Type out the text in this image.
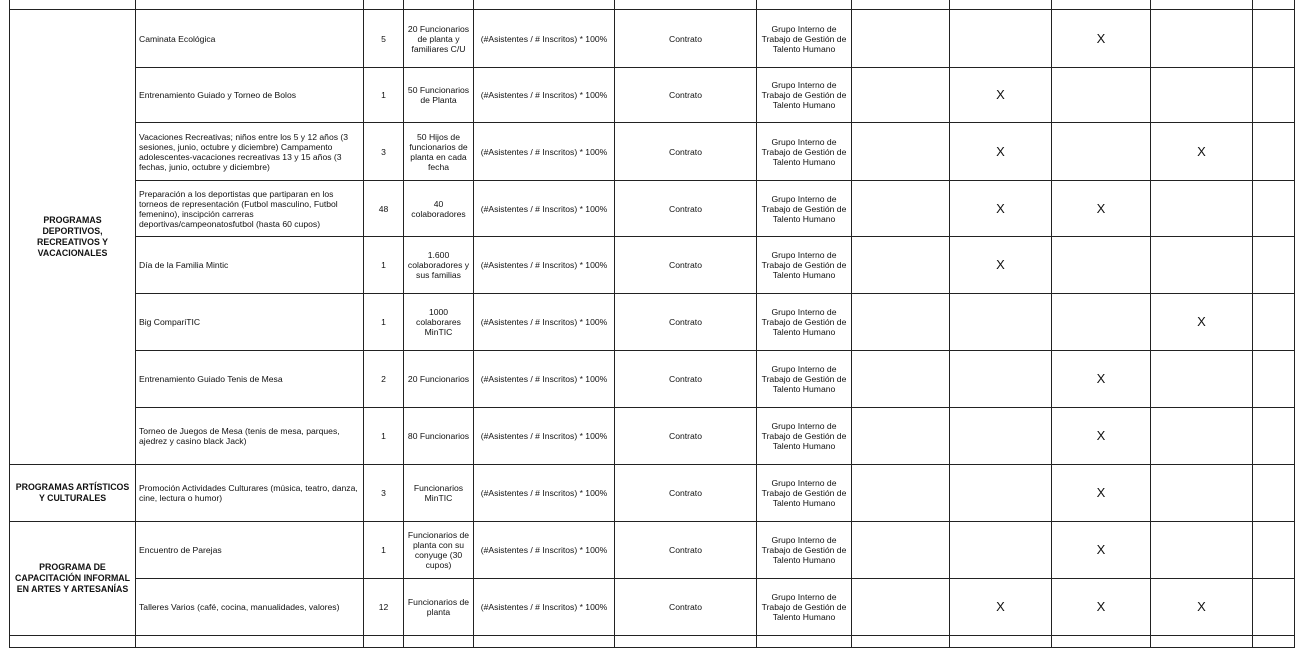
PROGRAMAS DEPORTIVOS, RECREATIVOS Y VACACIONALES	Caminata Ecológica	5	20 Funcionarios de planta y familiares C/U	(#Asistentes / # Inscritos) * 100%	Contrato	Grupo Interno de Trabajo de Gestión de Talento Humano			X		
	Entrenamiento Guiado y Torneo de Bolos	1	50 Funcionarios de Planta	(#Asistentes / # Inscritos) * 100%	Contrato	Grupo Interno de Trabajo de Gestión de Talento Humano		X			
	Vacaciones Recreativas; niños entre los 5 y 12 años (3 sesiones, junio, octubre y diciembre) Campamento adolescentes-vacaciones recreativas 13 y 15 años (3 fechas, junio, octubre y diciembre)	3	50 Hijos de funcionarios de planta en cada fecha	(#Asistentes / # Inscritos) * 100%	Contrato	Grupo Interno de Trabajo de Gestión de Talento Humano		X		X	
	Preparación a los deportistas que partiparan en los torneos de representación (Futbol masculino, Futbol femenino), inscipción carreras deportivas/campeonatosfutbol (hasta 60 cupos)	48	40 colaboradores	(#Asistentes / # Inscritos) * 100%	Contrato	Grupo Interno de Trabajo de Gestión de Talento Humano		X	X		
	Día de la Familia Mintic	1	1.600 colaboradores y sus familias	(#Asistentes / # Inscritos) * 100%	Contrato	Grupo Interno de Trabajo de Gestión de Talento Humano		X			
	Big CompariTIC	1	1000 colaborares MinTIC	(#Asistentes / # Inscritos) * 100%	Contrato	Grupo Interno de Trabajo de Gestión de Talento Humano				X	
	Entrenamiento Guiado Tenis de Mesa	2	20 Funcionarios	(#Asistentes / # Inscritos) * 100%	Contrato	Grupo Interno de Trabajo de Gestión de Talento Humano			X		
	Torneo de Juegos de Mesa (tenis de mesa, parques, ajedrez y casino black Jack)	1	80 Funcionarios	(#Asistentes / # Inscritos) * 100%	Contrato	Grupo Interno de Trabajo de Gestión de Talento Humano			X		
PROGRAMAS ARTÍSTICOS Y CULTURALES	Promoción Actividades Culturares (música, teatro, danza, cine, lectura o humor)	3	Funcionarios MinTIC	(#Asistentes / # Inscritos) * 100%	Contrato	Grupo Interno de Trabajo de Gestión de Talento Humano			X		
PROGRAMA DE CAPACITACIÓN INFORMAL EN ARTES Y ARTESANÍAS	Encuentro de Parejas	1	Funcionarios de planta con su conyuge (30 cupos)	(#Asistentes / # Inscritos) * 100%	Contrato	Grupo Interno de Trabajo de Gestión de Talento Humano			X		
	Talleres Varios (café, cocina, manualidades, valores)	12	Funcionarios de planta	(#Asistentes / # Inscritos) * 100%	Contrato	Grupo Interno de Trabajo de Gestión de Talento Humano		X	X	X	
